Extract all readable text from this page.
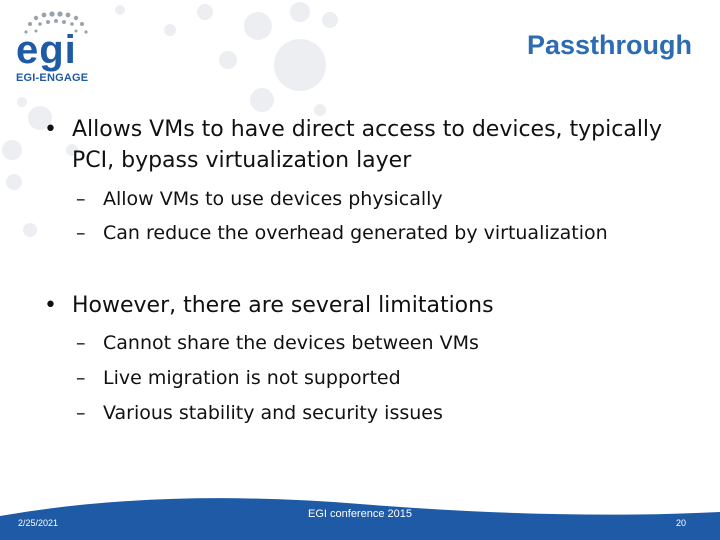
egi
EGI-ENGAGE
Passthrough
• Allows VMs to have direct access to devices, typically PCI, bypass virtualization layer
– Allow VMs to use devices physically
– Can reduce the overhead generated by virtualization
• However, there are several limitations
– Cannot share the devices between VMs
– Live migration is not supported
– Various stability and security issues
2/25/2021
EGI conference 2015
20
